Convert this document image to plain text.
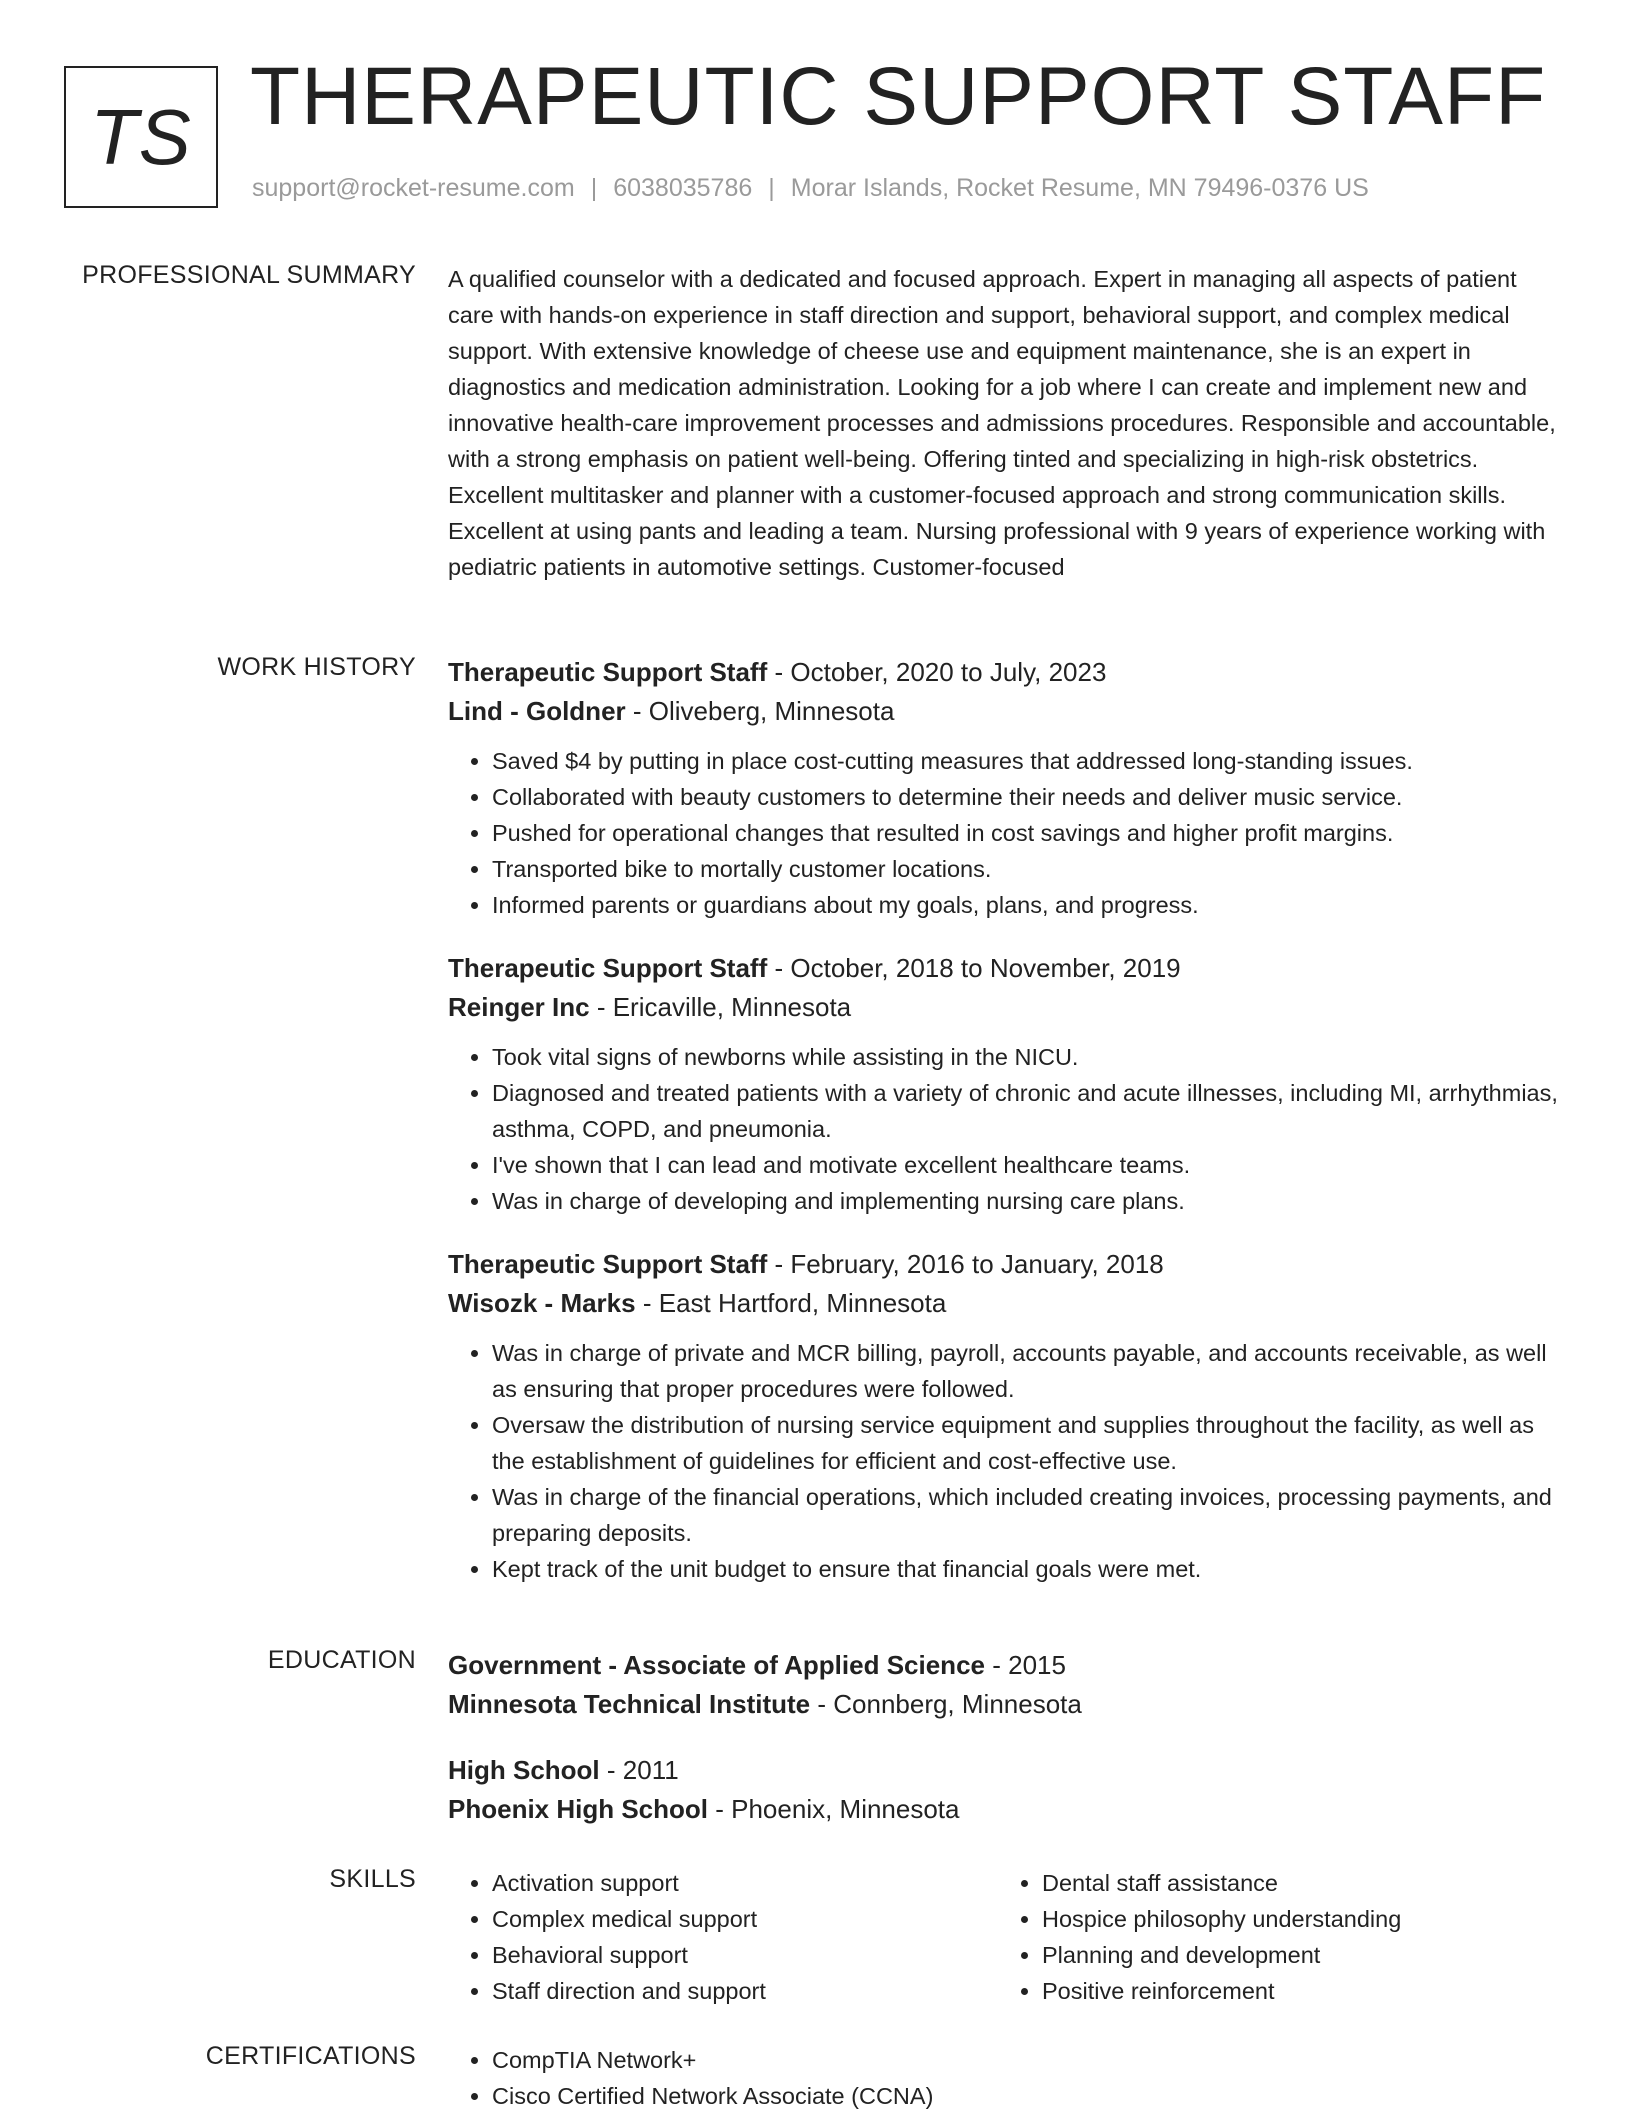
TS THERAPEUTIC SUPPORT STAFF
support@rocket-resume.com | 6038035786 | Morar Islands, Rocket Resume, MN 79496-0376 US
PROFESSIONAL SUMMARY A qualified counselor with a dedicated and focused approach. Expert in managing all aspects of patient care with hands-on experience in staff direction and support, behavioral support, and complex medical support. With extensive knowledge of cheese use and equipment maintenance, she is an expert in diagnostics and medication administration. Looking for a job where I can create and implement new and innovative health-care improvement processes and admissions procedures. Responsible and accountable, with a strong emphasis on patient well-being. Offering tinted and specializing in high-risk obstetrics. Excellent multitasker and planner with a customer-focused approach and strong communication skills. Excellent at using pants and leading a team. Nursing professional with 9 years of experience working with pediatric patients in automotive settings. Customer-focused

WORK HISTORY Therapeutic Support Staff - October, 2020 to July, 2023
Lind - Goldner - Oliveberg, Minnesota
• Saved $4 by putting in place cost-cutting measures that addressed long-standing issues.
• Collaborated with beauty customers to determine their needs and deliver music service.
• Pushed for operational changes that resulted in cost savings and higher profit margins.
• Transported bike to mortally customer locations.
• Informed parents or guardians about my goals, plans, and progress.
Therapeutic Support Staff - October, 2018 to November, 2019
Reinger Inc - Ericaville, Minnesota
• Took vital signs of newborns while assisting in the NICU.
• Diagnosed and treated patients with a variety of chronic and acute illnesses, including MI, arrhythmias, asthma, COPD, and pneumonia.
• I've shown that I can lead and motivate excellent healthcare teams.
• Was in charge of developing and implementing nursing care plans.
Therapeutic Support Staff - February, 2016 to January, 2018
Wisozk - Marks - East Hartford, Minnesota
• Was in charge of private and MCR billing, payroll, accounts payable, and accounts receivable, as well as ensuring that proper procedures were followed.
• Oversaw the distribution of nursing service equipment and supplies throughout the facility, as well as the establishment of guidelines for efficient and cost-effective use.
• Was in charge of the financial operations, which included creating invoices, processing payments, and preparing deposits.
• Kept track of the unit budget to ensure that financial goals were met.
EDUCATION Government - Associate of Applied Science - 2015
Minnesota Technical Institute - Connberg, Minnesota
High School - 2011
Phoenix High School - Phoenix, Minnesota
SKILLS	• Activation support
• Complex medical support
• Behavioral support
• Staff direction and support
• Dental staff assistance
• Hospice philosophy understanding
• Planning and development
• Positive reinforcement
CERTIFICATIONS	• CompTIA Network+
• Cisco Certified Network Associate (CCNA)
